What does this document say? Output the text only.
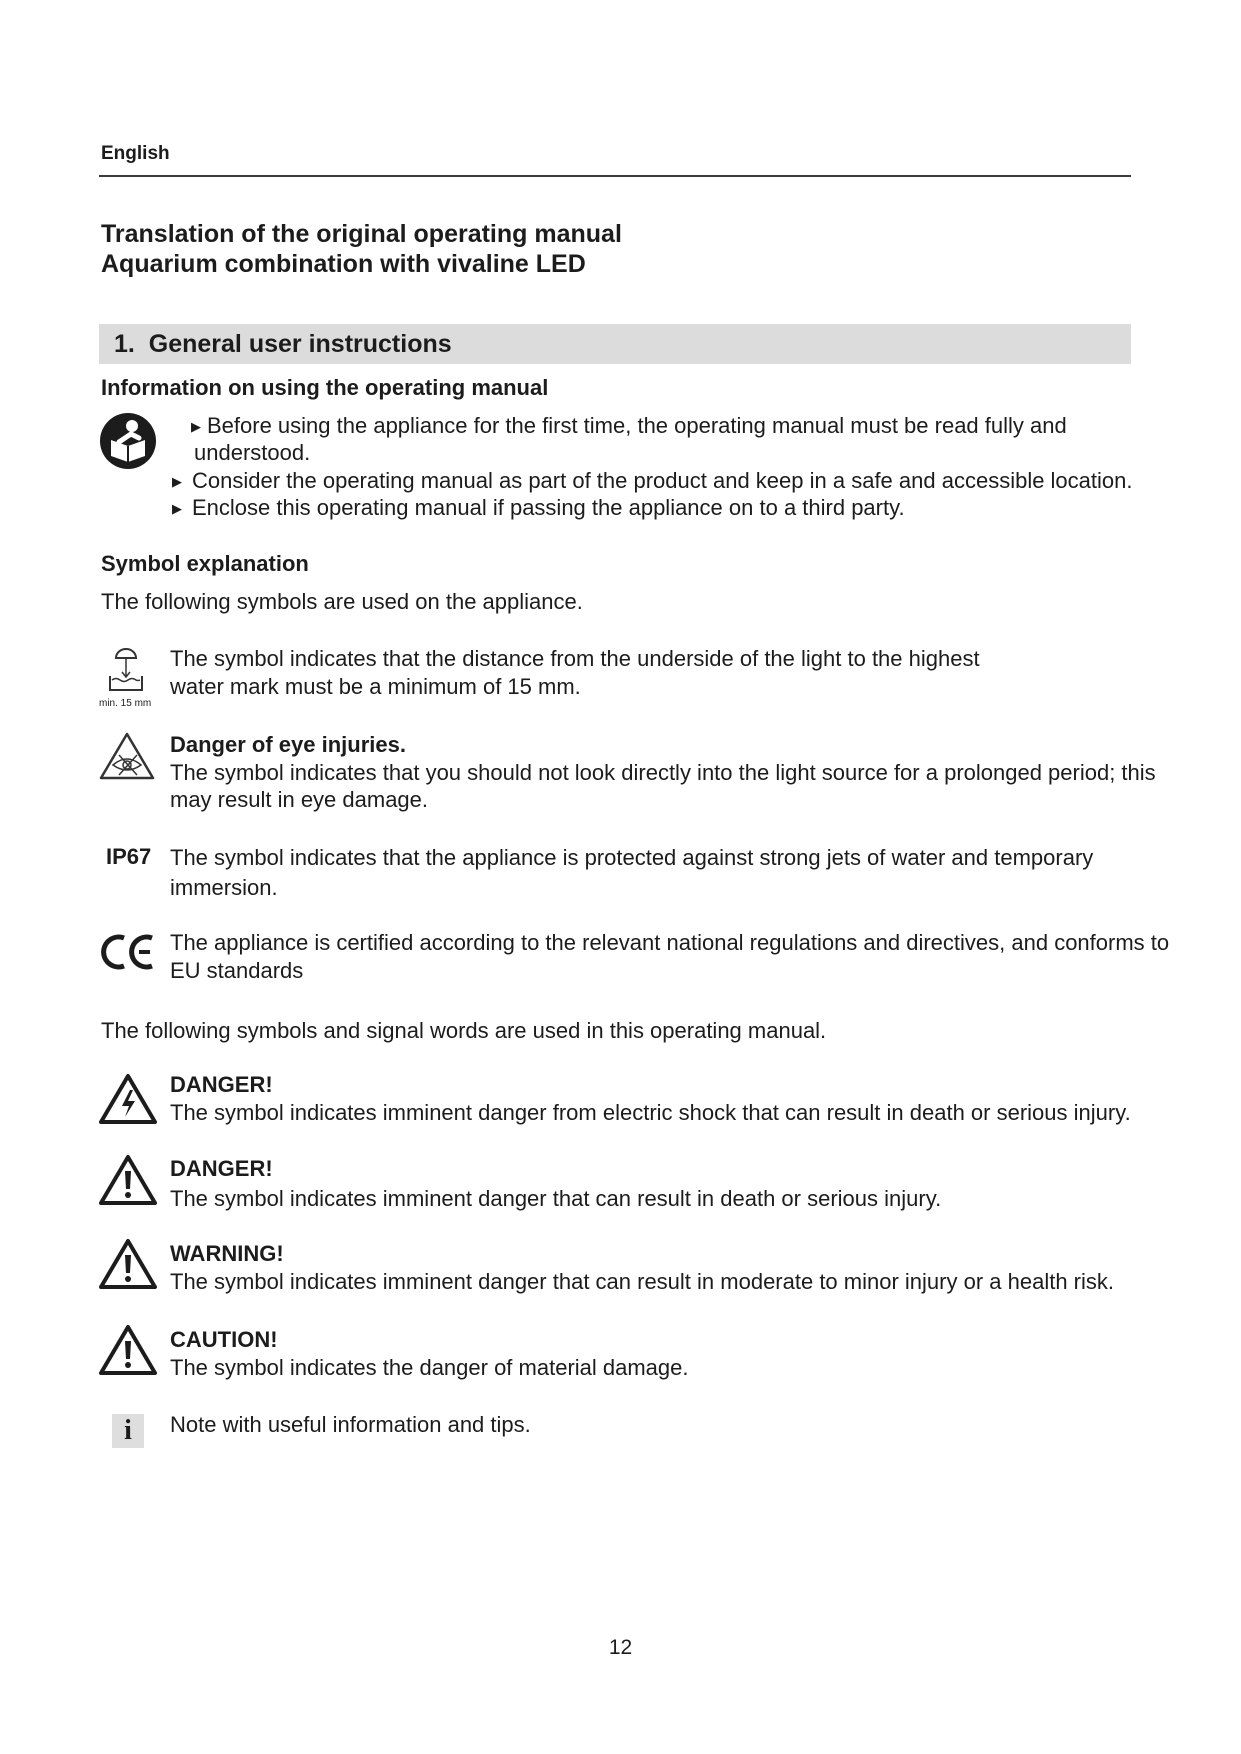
English
Translation of the original operating manual
Aquarium combination with vivaline LED
1. General user instructions
Information on using the operating manual
▶ Before using the appliance for the first time, the operating manual must be read fully and
understood.
▶ Consider the operating manual as part of the product and keep in a safe and accessible location.
▶ Enclose this operating manual if passing the appliance on to a third party.
Symbol explanation
The following symbols are used on the appliance.
min. 15 mm
The symbol indicates that the distance from the underside of the light to the highest
water mark must be a minimum of 15 mm.
Danger of eye injuries.
The symbol indicates that you should not look directly into the light source for a prolonged period; this
may result in eye damage.
IP67 The symbol indicates that the appliance is protected against strong jets of water and temporary
immersion.
The appliance is certified according to the relevant national regulations and directives, and conforms to
EU standards
The following symbols and signal words are used in this operating manual.
DANGER!
The symbol indicates imminent danger from electric shock that can result in death or serious injury.
DANGER!
The symbol indicates imminent danger that can result in death or serious injury.
WARNING!
The symbol indicates imminent danger that can result in moderate to minor injury or a health risk.
CAUTION!
The symbol indicates the danger of material damage.
i	Note with useful information and tips.
12
